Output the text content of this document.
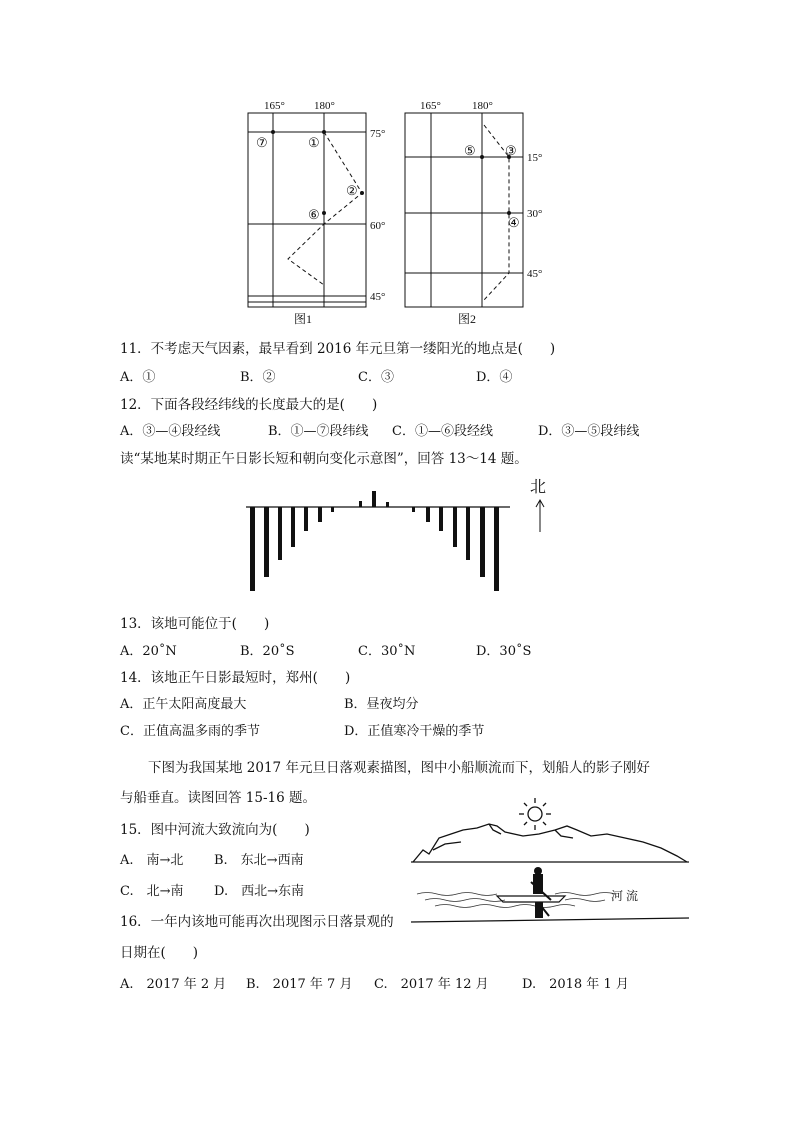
165°	180°
75°
60°
45°
⑦	①
②
⑥
图1
165°	180°
15°
30°
45°
⑤ ③
④
图2
11．不考虑天气因素，最早看到 2016 年元旦第一缕阳光的地点是(　　)
A．①	B．②	C．③	D．④
12．下面各段经纬线的长度最大的是(　　)
A．③—④段经线	B．①—⑦段纬线 C．①—⑥段经线	D．③—⑤段纬线
读“某地某时期正午日影长短和朝向变化示意图”，回答 13～14 题。
北
13．该地可能位于(　　)
A．20˚N	B．20˚S	C．30˚N	D．30˚S
14．该地正午日影最短时，郑州(　　)
A．正午太阳高度最大	B．昼夜均分
C．正值高温多雨的季节	D．正值寒冷干燥的季节
下图为我国某地 2017 年元旦日落观素描图，图中小船顺流而下，划船人的影子刚好
与船垂直。读图回答 15-16 题。
河 流
15．图中河流大致流向为(　　)
A.　南→北 B.　东北→西南
C.　北→南 D.　西北→东南
16．一年内该地可能再次出现图示日落景观的
日期在(　　)
A.　2017 年 2 月 B.　2017 年 7 月 C.　2017 年 12 月	D.　2018 年 1 月
